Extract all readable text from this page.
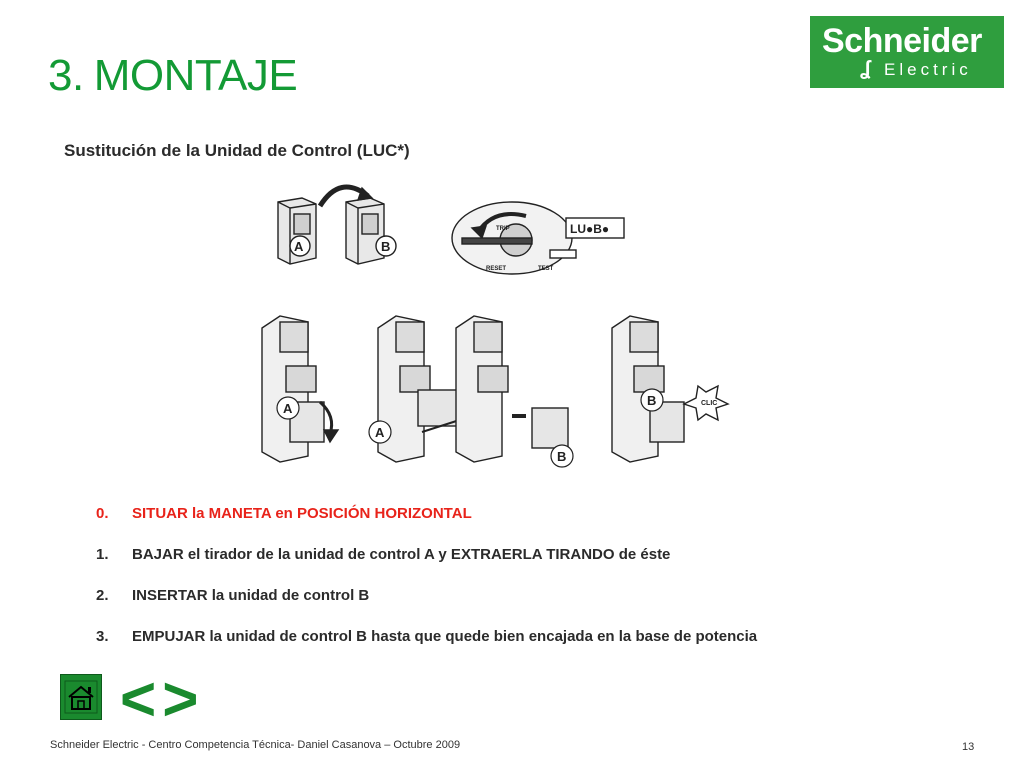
3. MONTAJE
Schneider
ʆ Electric
Sustitución de la Unidad de Control (LUC*)
A	B
TRIP
RESET	TEST
LU●B●
CLIC
A
A
B
B
0.	SITUAR la MANETA en POSICIÓN HORIZONTAL
1.	BAJAR el tirador de la unidad de control A y EXTRAERLA TIRANDO de éste
2.	INSERTAR la unidad de control B
3.	EMPUJAR la unidad de control B hasta que quede bien encajada en la base de potencia
<>
Schneider Electric - Centro Competencia Técnica- Daniel Casanova – Octubre 2009	13
